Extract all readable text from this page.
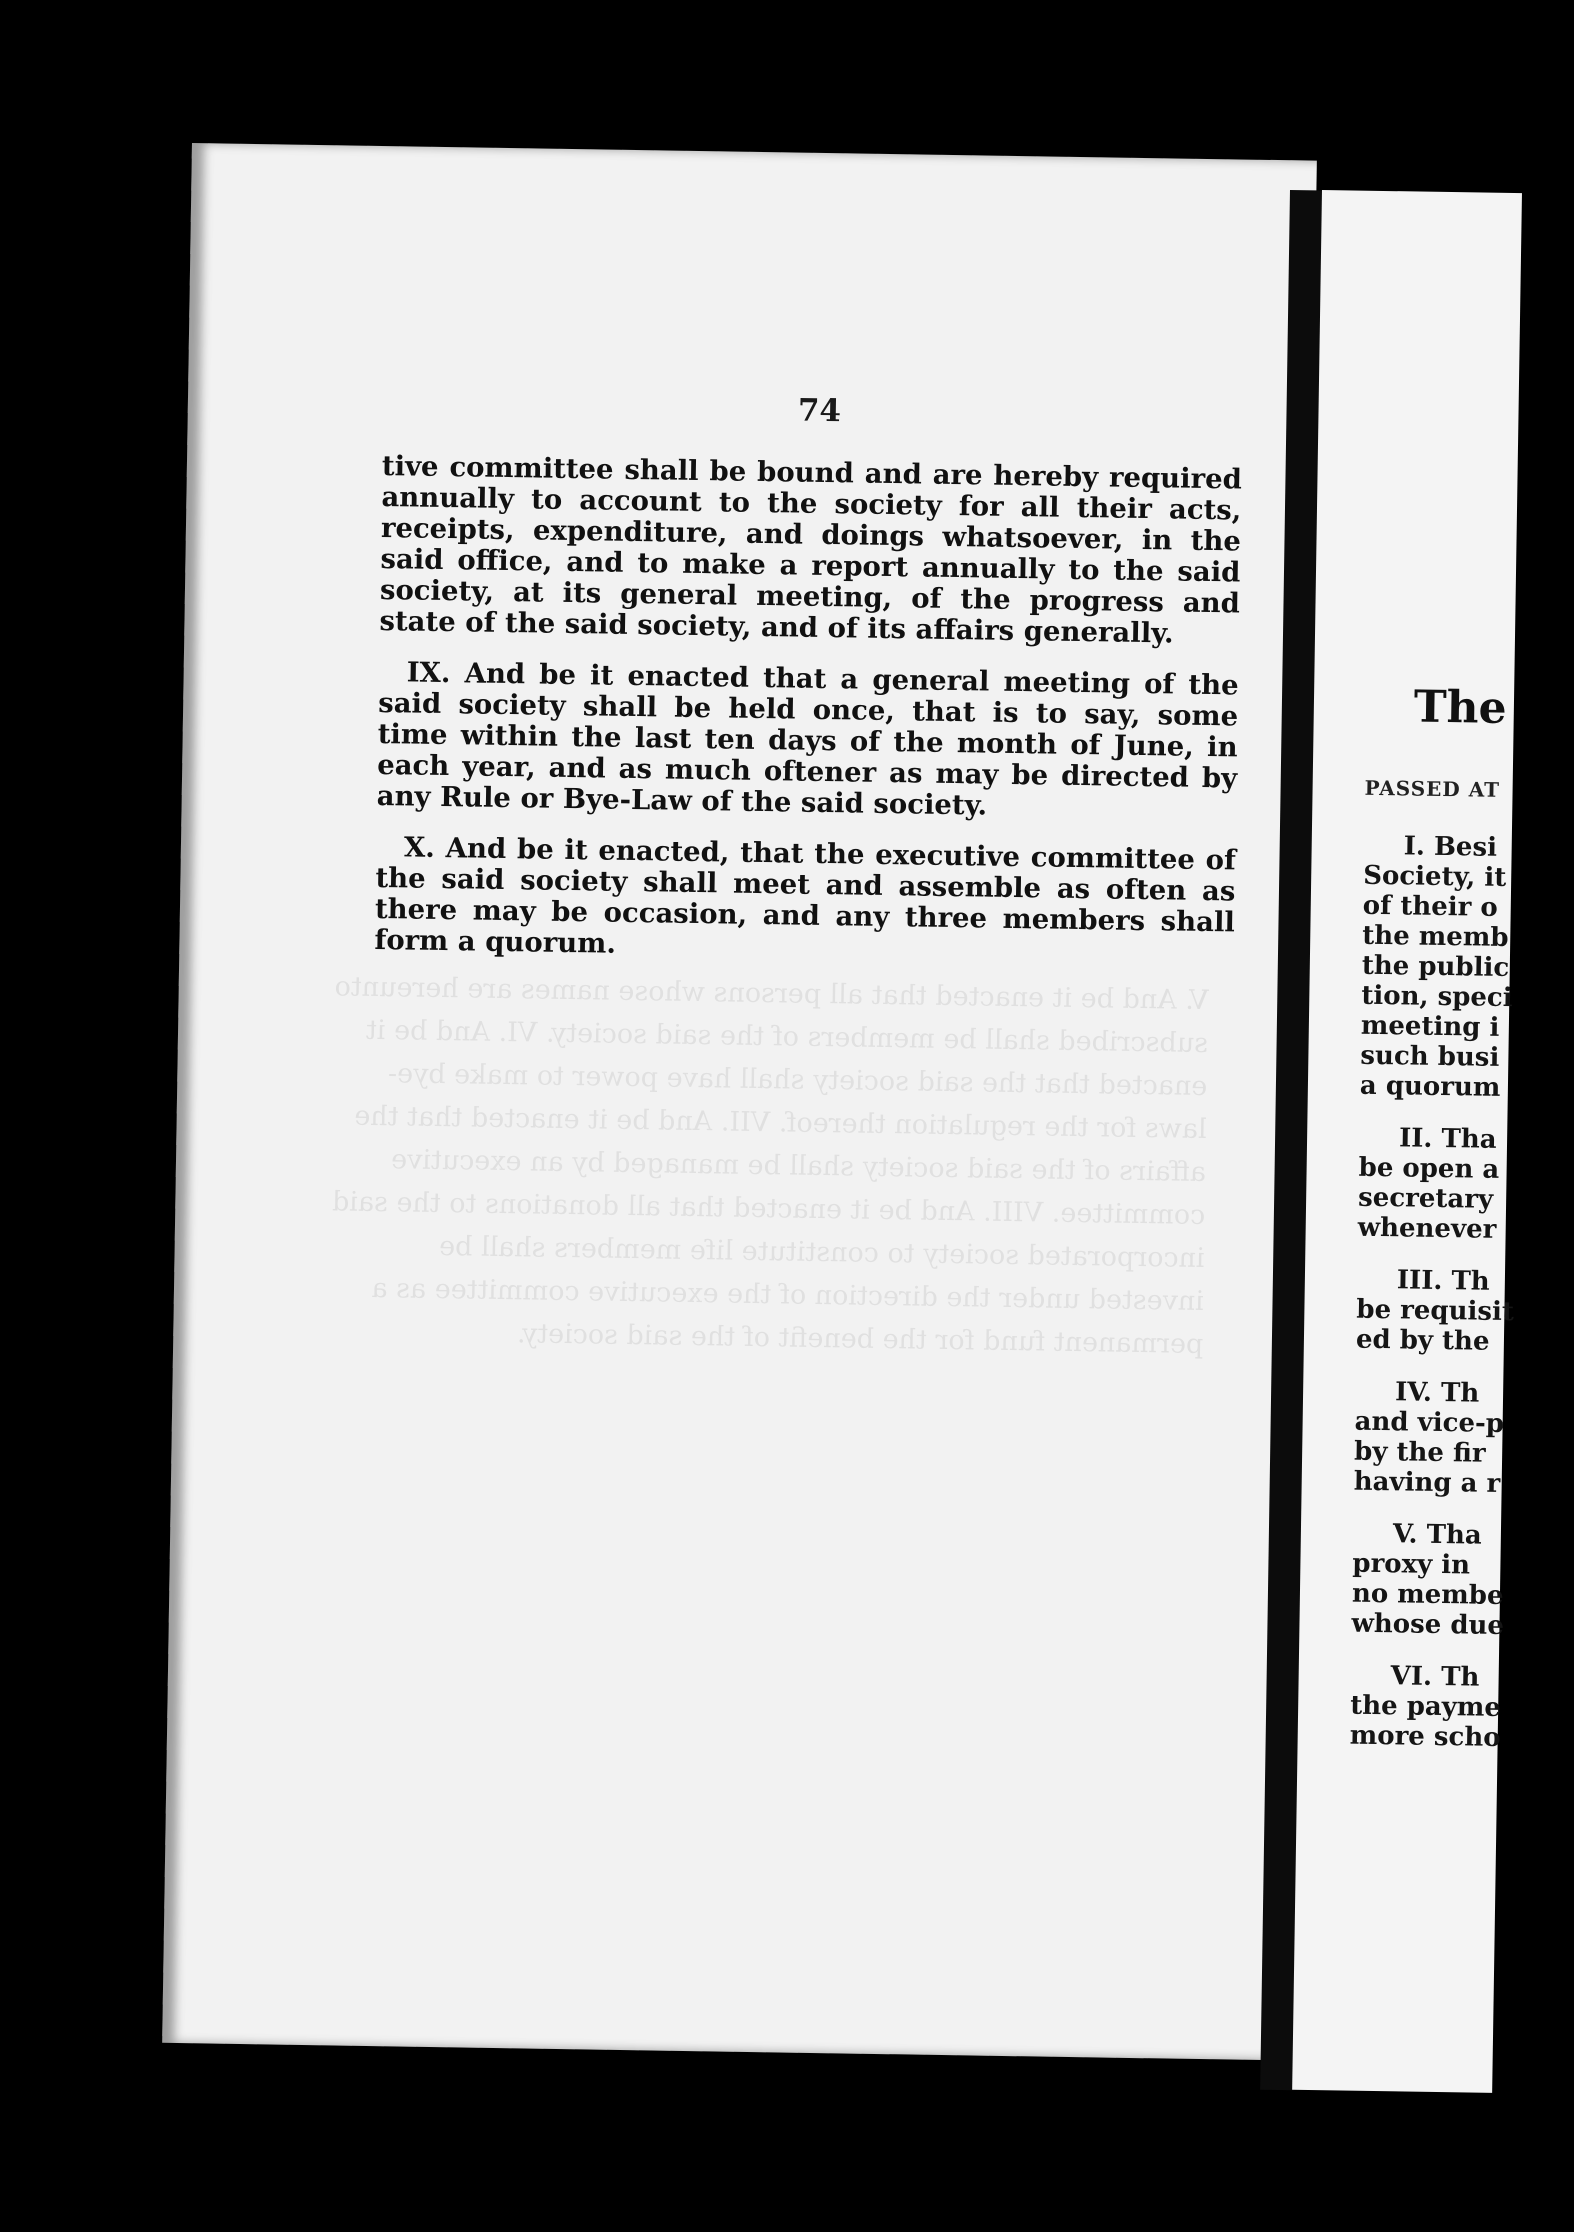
V. And be it enacted that all persons whose names are hereunto subscribed shall be members of the said society. VI. And be it enacted that the said society shall have power to make bye-laws for the regulation thereof. VII. And be it enacted that the affairs of the said society shall be managed by an executive committee. VIII. And be it enacted that all donations to the said incorporated society to constitute life members shall be invested under the direction of the executive committee as a permanent fund for the benefit of the said society.
74

tive committee shall be bound and are hereby required annually to account to the society for all their acts, receipts, expenditure, and doings whatsoever, in the said office, and to make a report annually to the said society, at its general meeting, of the progress and state of the said society, and of its affairs generally.

IX. And be it enacted that a general meeting of the said society shall be held once, that is to say, some time within the last ten days of the month of June, in each year, and as much oftener as may be directed by any Rule or Bye-Law of the said society.

X. And be it enacted, that the executive committee of the said society shall meet and assemble as often as there may be occasion, and any three members shall form a quorum.

The
PASSED AT
I. Besi
Society, it
of their o
the memb
the public
tion, speci
meeting i
such busi
a quorum
II. Tha
be open a
secretary
whenever
III. Th
be requisit
ed by the
IV. Th
and vice-p
by the fir
having a r
V. Tha
proxy in
no membe
whose due
VI. Th
the payme
more scho
